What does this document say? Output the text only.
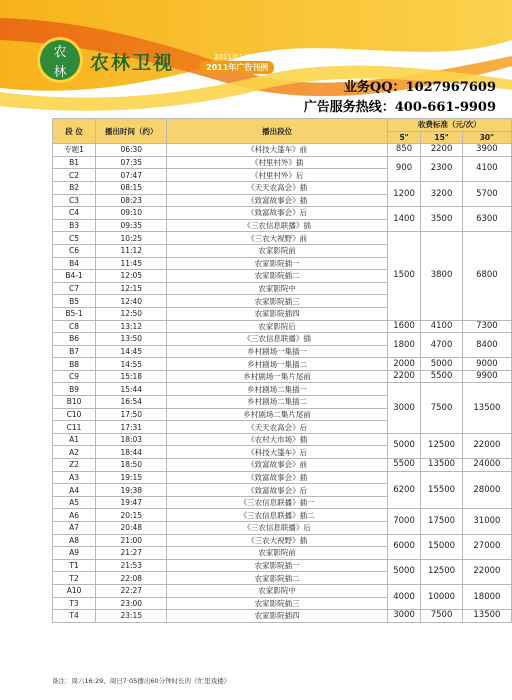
农
林	农林卫视	2011年1月1起执行
2011年广告刊例
业务QQ：1027967609
广告服务热线：400-661-9909
段 位	播出时间（约）	播出段位	收费标准（元/次）		
			5"	15"	30"
专题1	06:30	《科技大篷车》前	850	2200	3900
B1	07:35	《村里村外》插	900	2300	4100
C2	07:47	《村里村外》后			
B2	08:15	《天天农高会》插	1200	3200	5700
C3	08:23	《致富故事会》插			
C4	09:10	《致富故事会》后	1400	3500	6300
B3	09:35	《三农信息联播》插			
C5	10:25	《三农大视野》前	1500	3800	6800
C6	11:12	农家影院前			
B4	11:45	农家影院插一			
B4-1	12:05	农家影院插二			
C7	12:15	农家影院中			
B5	12:40	农家影院插三			
B5-1	12:50	农家影院插四			
C8	13:12	农家影院后	1600	4100	7300
B6	13:50	《三农信息联播》插	1800	4700	8400
B7	14:45	乡村剧场一集插一			
B8	14:55	乡村剧场一集插二	2000	5000	9000
C9	15:18	乡村剧场一集片尾前	2200	5500	9900
B9	15:44	乡村剧场二集插一	3000	7500	13500
B10	16:54	乡村剧场二集插二			
C10	17:50	乡村剧场二集片尾前			
C11	17:31	《天天农高会》后			
A1	18:03	《农村大市场》插	5000	12500	22000
A2	18:44	《科技大篷车》后			
Z2	18:50	《致富故事会》前	5500	13500	24000
A3	19:15	《致富故事会》插	6200	15500	28000
A4	19:38	《致富故事会》后			
A5	19:47	《三农信息联播》插一			
A6	20:15	《三农信息联播》插二	7000	17500	31000
A7	20:48	《三农信息联播》后			
A8	21:00	《三农大视野》插	6000	15000	27000
A9	21:27	农家影院前			
T1	21:53	农家影院插一	5000	12500	22000
T2	22:08	农家影院插二			
A10	22:27	农家影院中	4000	10000	18000
T3	23:00	农家影院插三			
T4	23:15	农家影院插四	3000	7500	13500
备注：周六16:29、周日7:05播出60分钟时长的《忙里戏楼》
